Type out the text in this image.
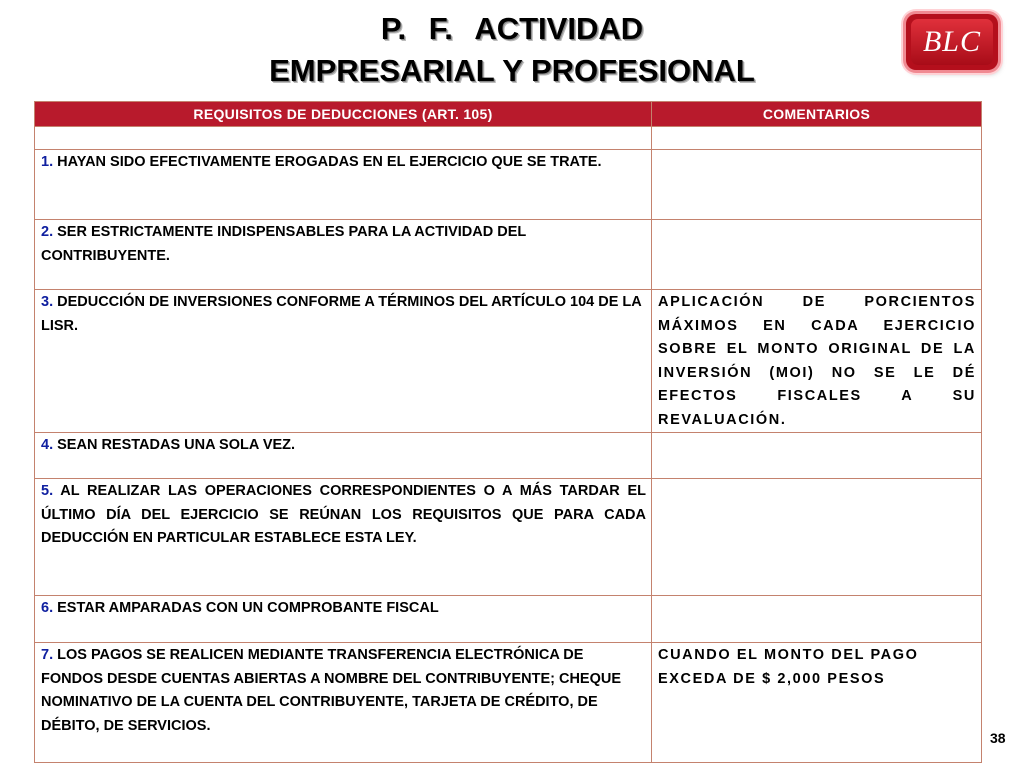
P. F. ACTIVIDAD
EMPRESARIAL Y PROFESIONAL
BLC
REQUISITOS DE DEDUCCIONES (ART. 105)	COMENTARIOS

1. HAYAN SIDO EFECTIVAMENTE EROGADAS EN EL EJERCICIO QUE SE TRATE.	
2. SER ESTRICTAMENTE INDISPENSABLES PARA LA ACTIVIDAD DEL CONTRIBUYENTE.	
3. DEDUCCIÓN DE INVERSIONES CONFORME A TÉRMINOS DEL ARTÍCULO 104 DE LA LISR.	APLICACIÓN DE PORCIENTOS MÁXIMOS EN CADA EJERCICIO SOBRE EL MONTO ORIGINAL DE LA INVERSIÓN (MOI) NO SE LE DÉ EFECTOS FISCALES A SU REVALUACIÓN.
4. SEAN RESTADAS UNA SOLA VEZ.	
5. AL REALIZAR LAS OPERACIONES CORRESPONDIENTES O A MÁS TARDAR EL ÚLTIMO DÍA DEL EJERCICIO SE REÚNAN LOS REQUISITOS QUE PARA CADA DEDUCCIÓN EN PARTICULAR ESTABLECE ESTA LEY.	
6. ESTAR AMPARADAS CON UN COMPROBANTE FISCAL	
7. LOS PAGOS SE REALICEN MEDIANTE TRANSFERENCIA ELECTRÓNICA DE FONDOS DESDE CUENTAS ABIERTAS A NOMBRE DEL CONTRIBUYENTE; CHEQUE NOMINATIVO DE LA CUENTA DEL CONTRIBUYENTE, TARJETA DE CRÉDITO, DE DÉBITO, DE SERVICIOS.	CUANDO EL MONTO DEL PAGO EXCEDA DE $ 2,000 PESOS
38
